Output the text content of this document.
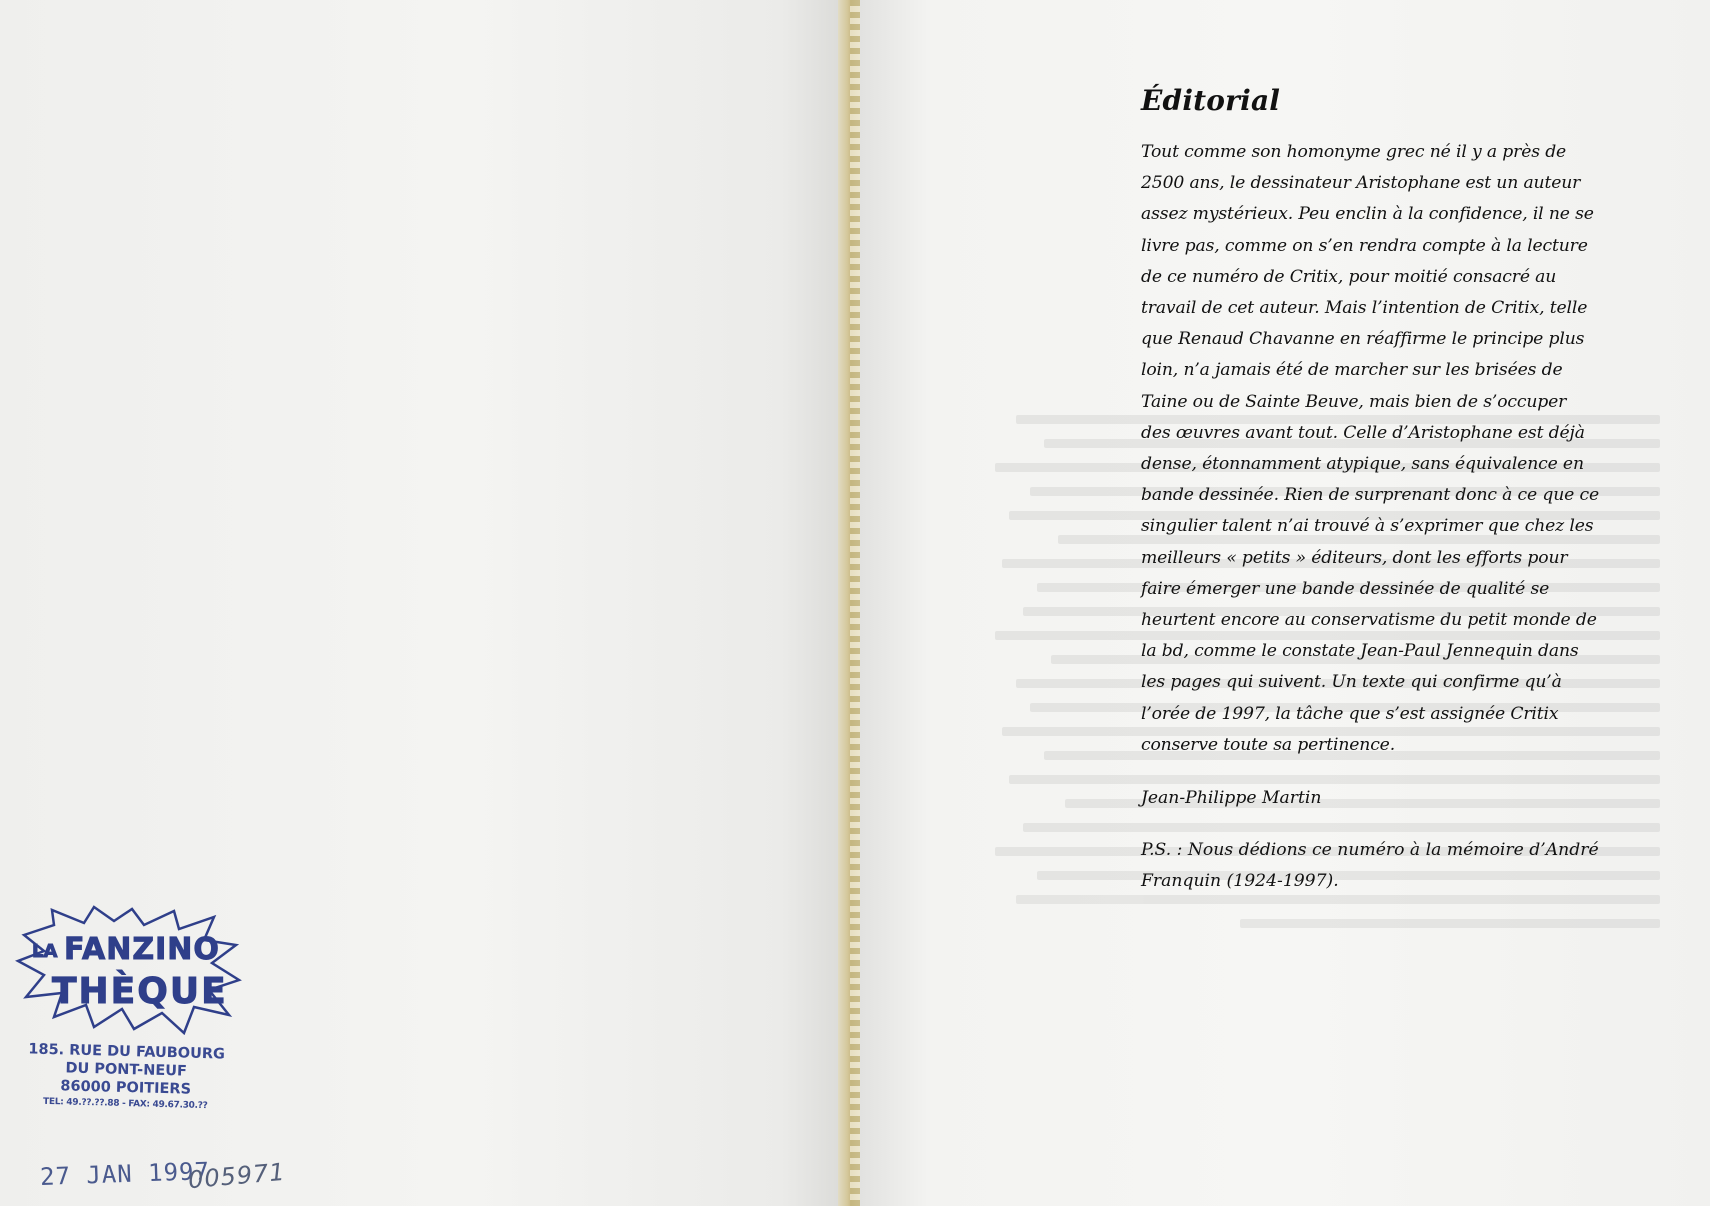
LA FANZINO
THÈQUE
185. RUE DU FAUBOURG
DU PONT-NEUF
86000 POITIERS
TEL: 49.??.??.88 - FAX: 49.67.30.??
27 JAN 1997
005971

Éditorial

Tout comme son homonyme grec né il y a près de 2500 ans, le dessinateur Aristophane est un auteur assez mystérieux. Peu enclin à la confidence, il ne se livre pas, comme on s’en rendra compte à la lecture de ce numéro de Critix, pour moitié consacré au travail de cet auteur. Mais l’intention de Critix, telle que Renaud Chavanne en réaffirme le principe plus loin, n’a jamais été de marcher sur les brisées de Taine ou de Sainte Beuve, mais bien de s’occuper des œuvres avant tout. Celle d’Aristophane est déjà dense, étonnamment atypique, sans équivalence en bande dessinée. Rien de surprenant donc à ce que ce singulier talent n’ai trouvé à s’exprimer que chez les meilleurs « petits » éditeurs, dont les efforts pour faire émerger une bande dessinée de qualité se heurtent encore au conservatisme du petit monde de la bd, comme le constate Jean-Paul Jennequin dans les pages qui suivent. Un texte qui confirme qu’à l’orée de 1997, la tâche que s’est assignée Critix conserve toute sa pertinence.

Jean-Philippe Martin

P.S. : Nous dédions ce numéro à la mémoire d’André Franquin (1924-1997).
